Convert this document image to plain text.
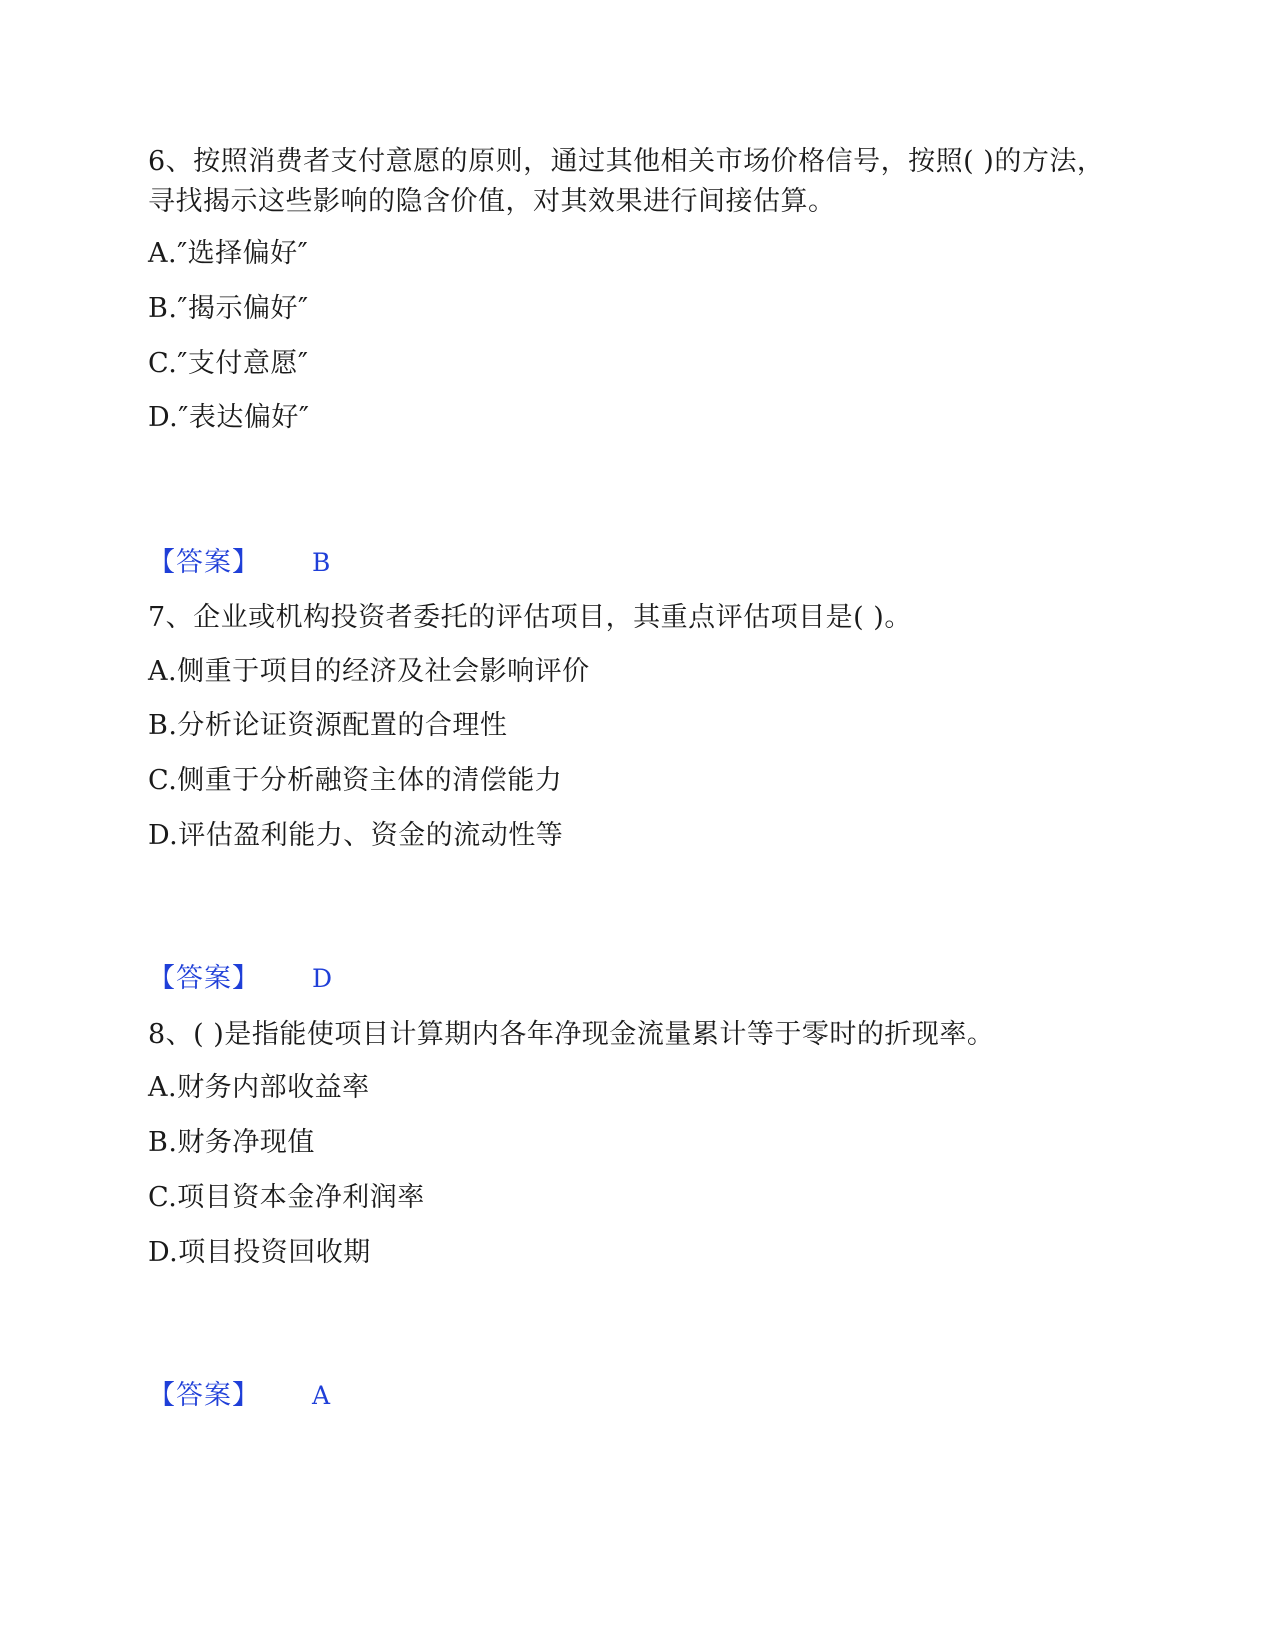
6、按照消费者支付意愿的原则，通过其他相关市场价格信号，按照( )的方法，寻找揭示这些影响的隐含价值，对其效果进行间接估算。

A.″选择偏好″

B.″揭示偏好″

C.″支付意愿″

D.″表达偏好″

【答案】 B

7、企业或机构投资者委托的评估项目，其重点评估项目是( )。

A.侧重于项目的经济及社会影响评价

B.分析论证资源配置的合理性

C.侧重于分析融资主体的清偿能力

D.评估盈利能力、资金的流动性等

【答案】 D

8、( )是指能使项目计算期内各年净现金流量累计等于零时的折现率。

A.财务内部收益率

B.财务净现值

C.项目资本金净利润率

D.项目投资回收期

【答案】 A
